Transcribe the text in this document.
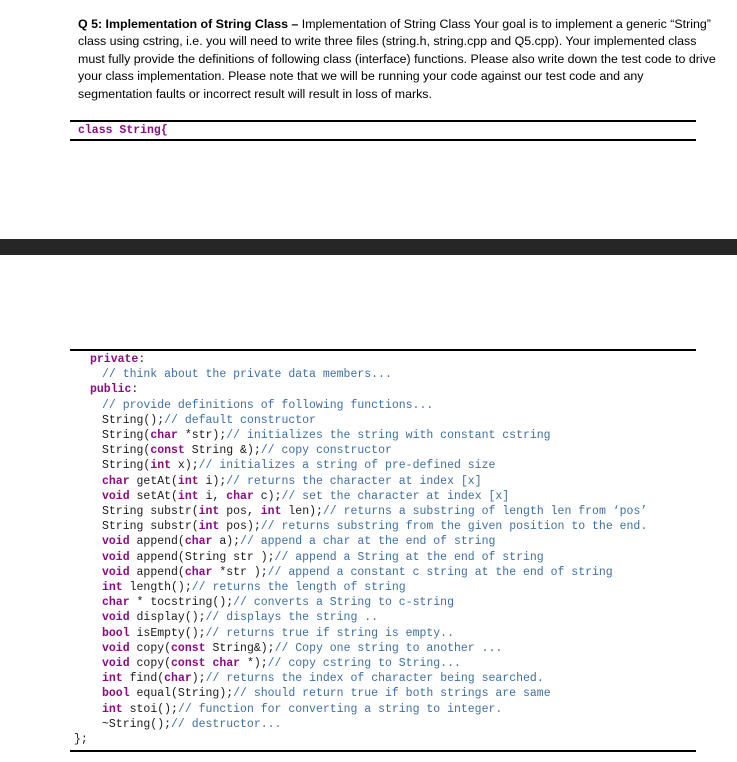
Q 5: Implementation of String Class – Implementation of String Class Your goal is to implement a generic “String” class using cstring, i.e. you will need to write three files (string.h, string.cpp and Q5.cpp). Your implemented class must fully provide the definitions of following class (interface) functions. Please also write down the test code to drive your class implementation. Please note that we will be running your code against our test code and any segmentation faults or incorrect result will result in loss of marks.
class String{
private:
// think about the private data members...
public:
// provide definitions of following functions...
String();// default constructor
String(char *str);// initializes the string with constant cstring
String(const String &);// copy constructor
String(int x);// initializes a string of pre-defined size
char getAt(int i);// returns the character at index [x]
void setAt(int i, char c);// set the character at index [x]
String substr(int pos, int len);// returns a substring of length len from ‘pos’
String substr(int pos);// returns substring from the given position to the end.
void append(char a);// append a char at the end of string
void append(String str );// append a String at the end of string
void append(char *str );// append a constant c string at the end of string
int length();// returns the length of string
char * tocstring();// converts a String to c-string
void display();// displays the string ..
bool isEmpty();// returns true if string is empty..
void copy(const String&);// Copy one string to another ...
void copy(const char *);// copy cstring to String...
int find(char);// returns the index of character being searched.
bool equal(String);// should return true if both strings are same
int stoi();// function for converting a string to integer.
~String();// destructor...
};
